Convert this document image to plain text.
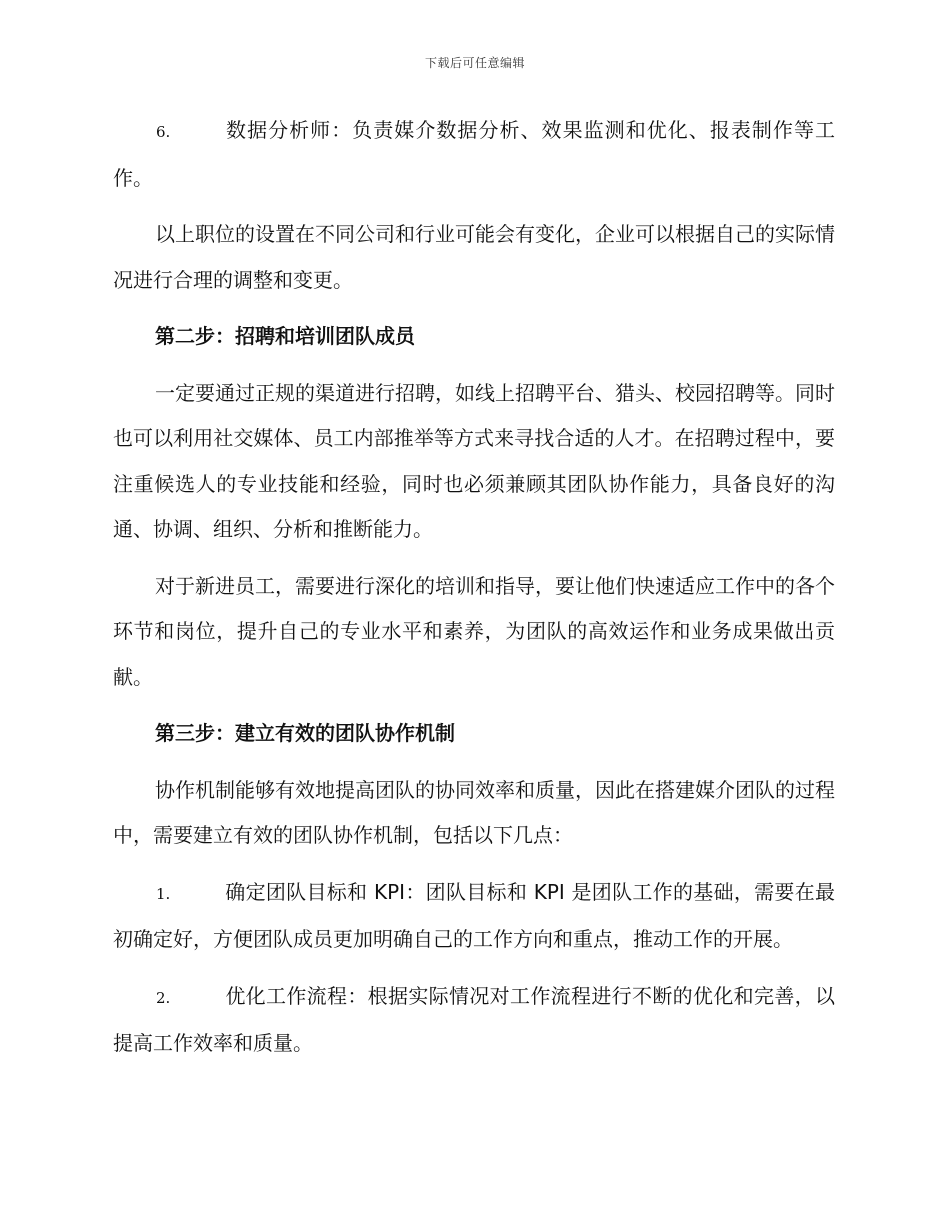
下载后可任意编辑

6.	数据分析师：负责媒介数据分析、效果监测和优化、报表制作等工作。

以上职位的设置在不同公司和行业可能会有变化，企业可以根据自己的实际情况进行合理的调整和变更。

第二步：招聘和培训团队成员

一定要通过正规的渠道进行招聘，如线上招聘平台、猎头、校园招聘等。同时也可以利用社交媒体、员工内部推举等方式来寻找合适的人才。在招聘过程中，要注重候选人的专业技能和经验，同时也必须兼顾其团队协作能力，具备良好的沟通、协调、组织、分析和推断能力。

对于新进员工，需要进行深化的培训和指导，要让他们快速适应工作中的各个环节和岗位，提升自己的专业水平和素养，为团队的高效运作和业务成果做出贡献。

第三步：建立有效的团队协作机制

协作机制能够有效地提高团队的协同效率和质量，因此在搭建媒介团队的过程中，需要建立有效的团队协作机制，包括以下几点：

1.	确定团队目标和 KPI：团队目标和 KPI 是团队工作的基础，需要在最初确定好，方便团队成员更加明确自己的工作方向和重点，推动工作的开展。

2.	优化工作流程：根据实际情况对工作流程进行不断的优化和完善，以提高工作效率和质量。
